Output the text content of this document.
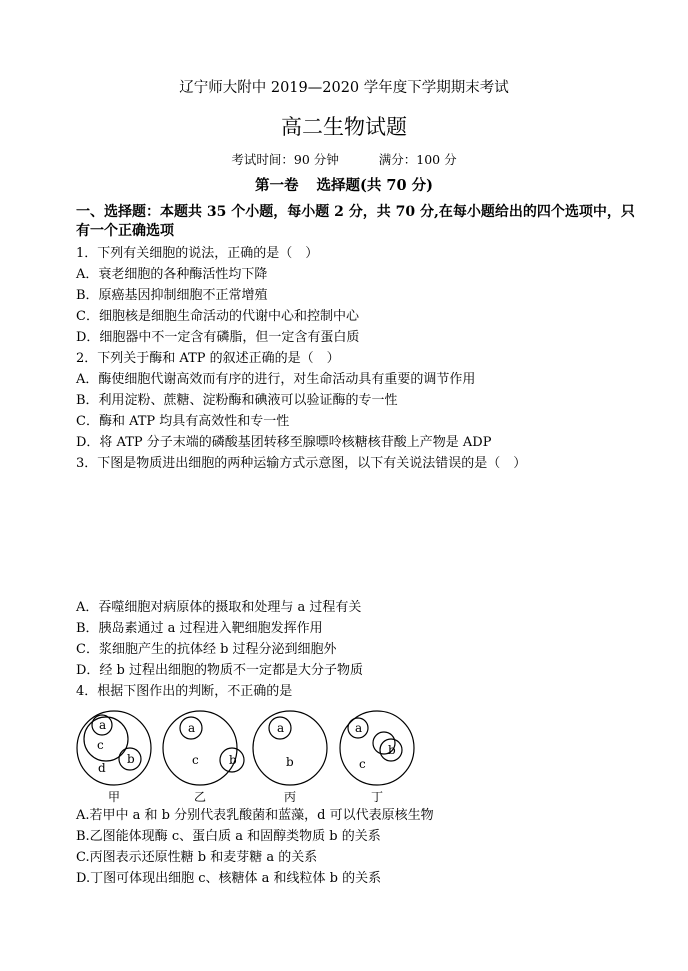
辽宁师大附中 2019—2020 学年度下学期期末考试
高二生物试题
考试时间：90 分钟	满分：100 分
第一卷 选择题(共 70 分)
一、选择题：本题共 35 个小题，每小题 2 分，共 70 分,在每小题给出的四个选项中，只
有一个正确选项
1．下列有关细胞的说法，正确的是（　）
A．衰老细胞的各种酶活性均下降
B．原癌基因抑制细胞不正常增殖
C．细胞核是细胞生命活动的代谢中心和控制中心
D．细胞器中不一定含有磷脂，但一定含有蛋白质
2．下列关于酶和 ATP 的叙述正确的是（　）
A．酶使细胞代谢高效而有序的进行，对生命活动具有重要的调节作用
B．利用淀粉、蔗糖、淀粉酶和碘液可以验证酶的专一性
C．酶和 ATP 均具有高效性和专一性
D．将 ATP 分子末端的磷酸基团转移至腺嘌呤核糖核苷酸上产物是 ADP
3．下图是物质进出细胞的两种运输方式示意图，以下有关说法错误的是（　）
A．吞噬细胞对病原体的摄取和处理与 a 过程有关
B．胰岛素通过 a 过程进入靶细胞发挥作用
C．浆细胞产生的抗体经 b 过程分泌到细胞外
D．经 b 过程出细胞的物质不一定都是大分子物质
4．根据下图作出的判断，不正确的是
a
c
b
d
a
c	b
a
b
a
c
b
甲	乙	丙	丁
A.若甲中 a 和 b 分别代表乳酸菌和蓝藻，d 可以代表原核生物
B.乙图能体现酶 c、蛋白质 a 和固醇类物质 b 的关系
C.丙图表示还原性糖 b 和麦芽糖 a 的关系
D.丁图可体现出细胞 c、核糖体 a 和线粒体 b 的关系
